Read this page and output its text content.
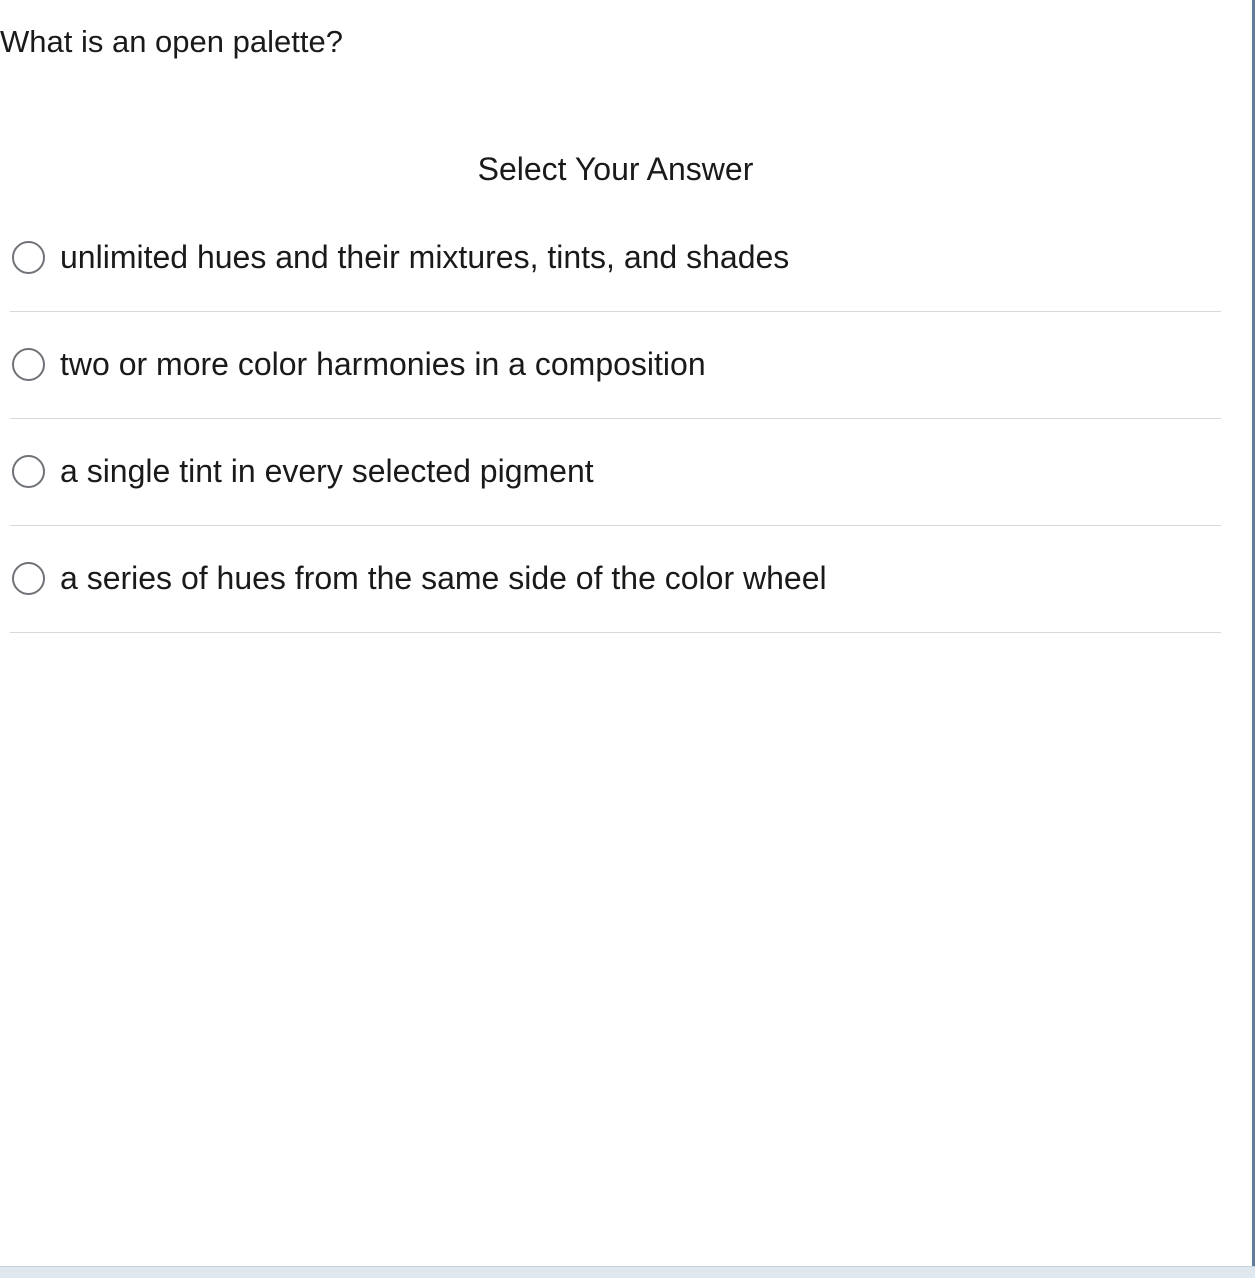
What is an open palette?
Select Your Answer
unlimited hues and their mixtures, tints, and shades
two or more color harmonies in a composition
a single tint in every selected pigment
a series of hues from the same side of the color wheel
